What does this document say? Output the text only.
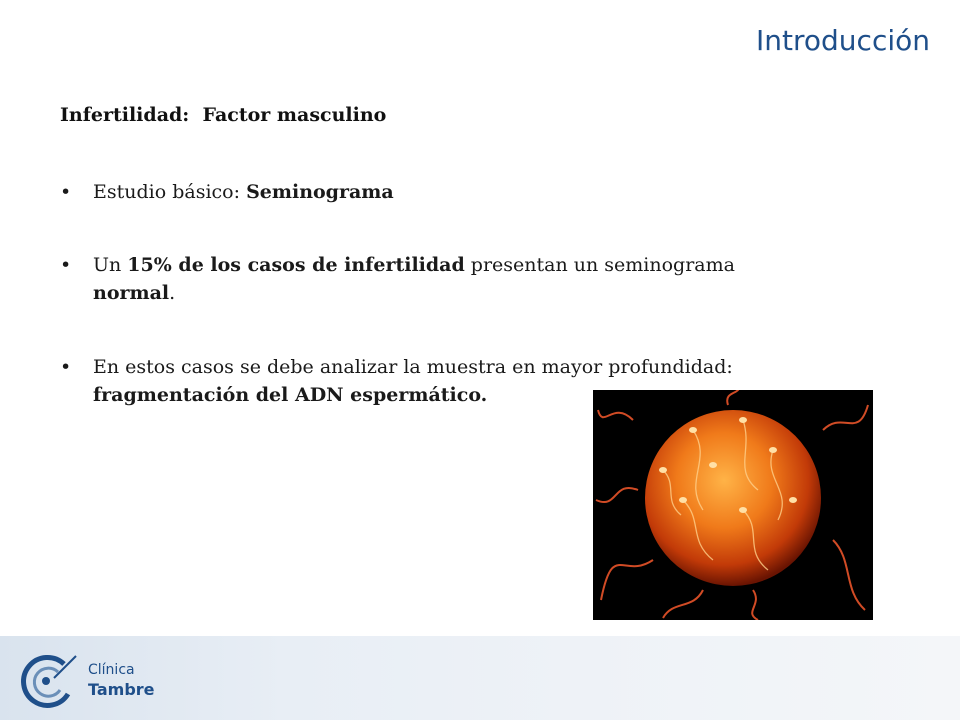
Introducción
Infertilidad:  Factor masculino
• Estudio básico: Seminograma
• Un 15% de los casos de infertilidad presentan un seminograma
normal.
• En estos casos se debe analizar la muestra en mayor profundidad:
fragmentación del ADN espermático.
Clínica
Tambre
